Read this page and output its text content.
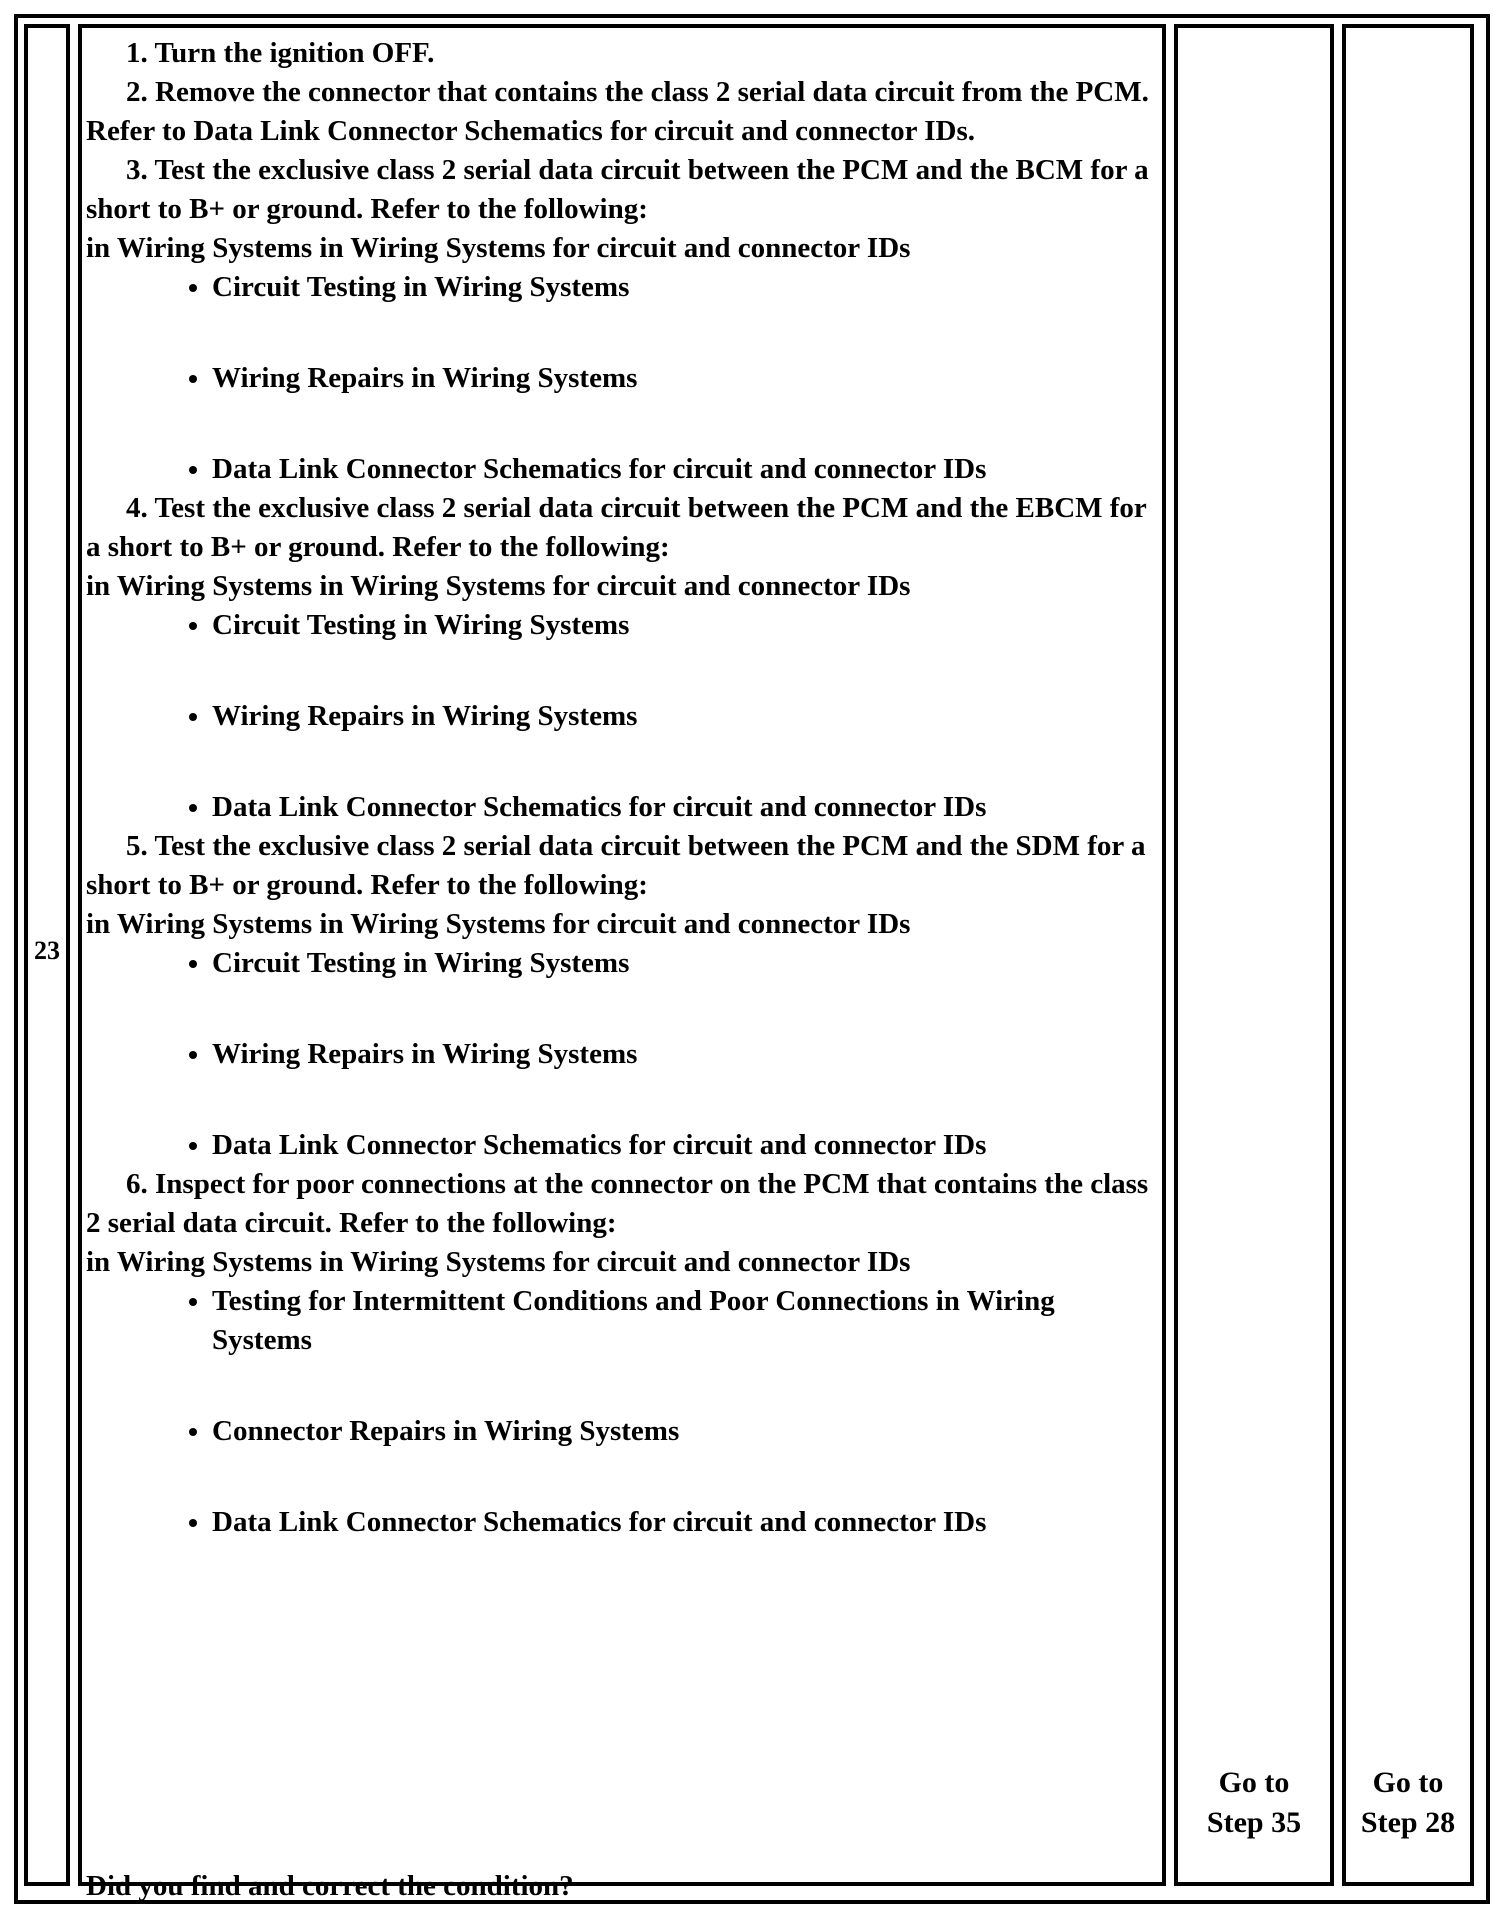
23

1. Turn the ignition OFF.

2. Remove the connector that contains the class 2 serial data circuit from the PCM. Refer to Data Link Connector Schematics for circuit and connector IDs.

3. Test the exclusive class 2 serial data circuit between the PCM and the BCM for a short to B+ or ground. Refer to the following:

in Wiring Systems in Wiring Systems for circuit and connector IDs

• Circuit Testing in Wiring Systems
• Wiring Repairs in Wiring Systems
• Data Link Connector Schematics for circuit and connector IDs

4. Test the exclusive class 2 serial data circuit between the PCM and the EBCM for a short to B+ or ground. Refer to the following:

in Wiring Systems in Wiring Systems for circuit and connector IDs

• Circuit Testing in Wiring Systems
• Wiring Repairs in Wiring Systems
• Data Link Connector Schematics for circuit and connector IDs

5. Test the exclusive class 2 serial data circuit between the PCM and the SDM for a short to B+ or ground. Refer to the following:

in Wiring Systems in Wiring Systems for circuit and connector IDs

• Circuit Testing in Wiring Systems
• Wiring Repairs in Wiring Systems
• Data Link Connector Schematics for circuit and connector IDs

6. Inspect for poor connections at the connector on the PCM that contains the class 2 serial data circuit. Refer to the following:

in Wiring Systems in Wiring Systems for circuit and connector IDs

• Testing for Intermittent Conditions and Poor Connections in Wiring Systems
• Connector Repairs in Wiring Systems
• Data Link Connector Schematics for circuit and connector IDs
Did you find and correct the condition?
Go to
Step 35
Go to
Step 28
